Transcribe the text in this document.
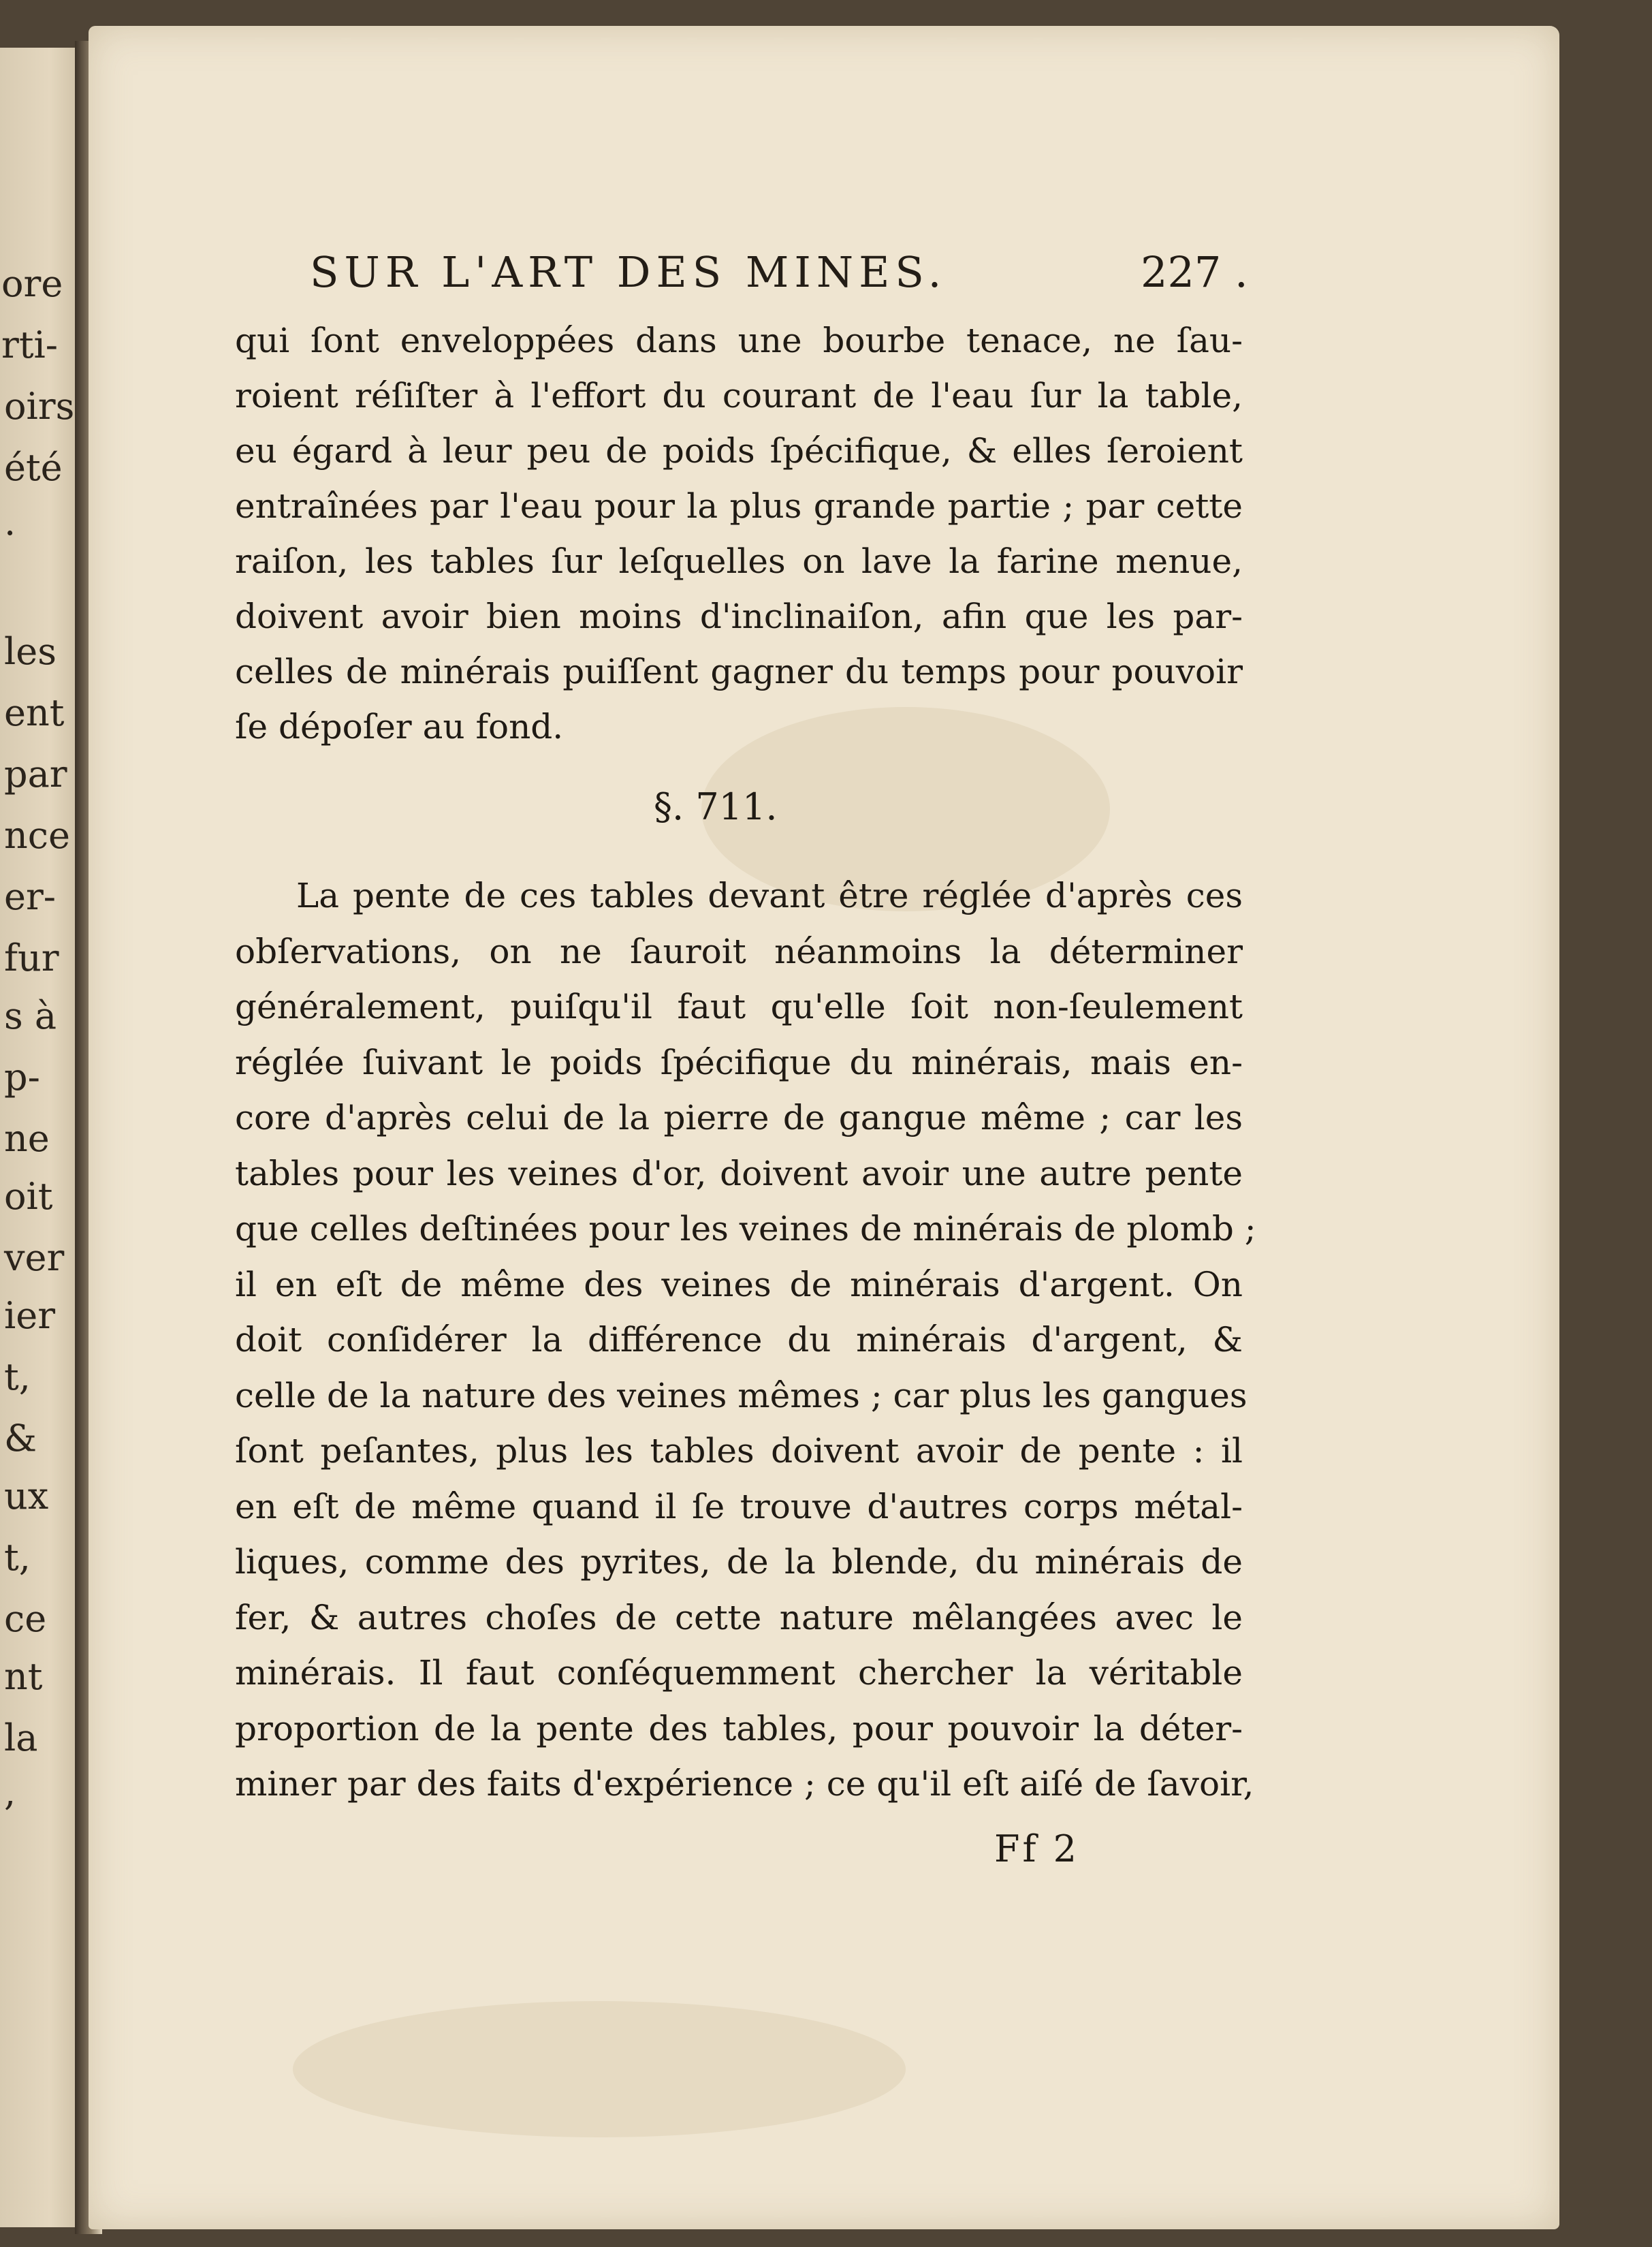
ore
rti-
oirs
été
.
les
ent
par
nce
er-
fur
s à
p-
ne
oit
ver
ier
t,
&
ux
t,
ce
nt
la
,
SUR L'ART DES MINES.	227 .
qui ſont enveloppées dans une bourbe tenace, ne ſau-
roient réſiſter à l'effort du courant de l'eau ſur la table,
eu égard à leur peu de poids ſpécifique, & elles ſeroient
entraînées par l'eau pour la plus grande partie ; par cette
raiſon, les tables ſur leſquelles on lave la farine menue,
doivent avoir bien moins d'inclinaiſon, afin que les par-
celles de minérais puiſſent gagner du temps pour pouvoir
ſe dépoſer au fond.
§. 711.
La pente de ces tables devant être réglée d'après ces
obſervations, on ne ſauroit néanmoins la déterminer
généralement, puiſqu'il faut qu'elle ſoit non-ſeulement
réglée ſuivant le poids ſpécifique du minérais, mais en-
core d'après celui de la pierre de gangue même ; car les
tables pour les veines d'or, doivent avoir une autre pente
que celles deſtinées pour les veines de minérais de plomb ;
il en eſt de même des veines de minérais d'argent. On
doit conſidérer la différence du minérais d'argent, &
celle de la nature des veines mêmes ; car plus les gangues
ſont peſantes, plus les tables doivent avoir de pente : il
en eſt de même quand il ſe trouve d'autres corps métal-
liques, comme des pyrites, de la blende, du minérais de
fer, & autres choſes de cette nature mêlangées avec le
minérais. Il faut conſéquemment chercher la véritable
proportion de la pente des tables, pour pouvoir la déter-
miner par des faits d'expérience ; ce qu'il eſt aiſé de ſavoir,
Ff 2
